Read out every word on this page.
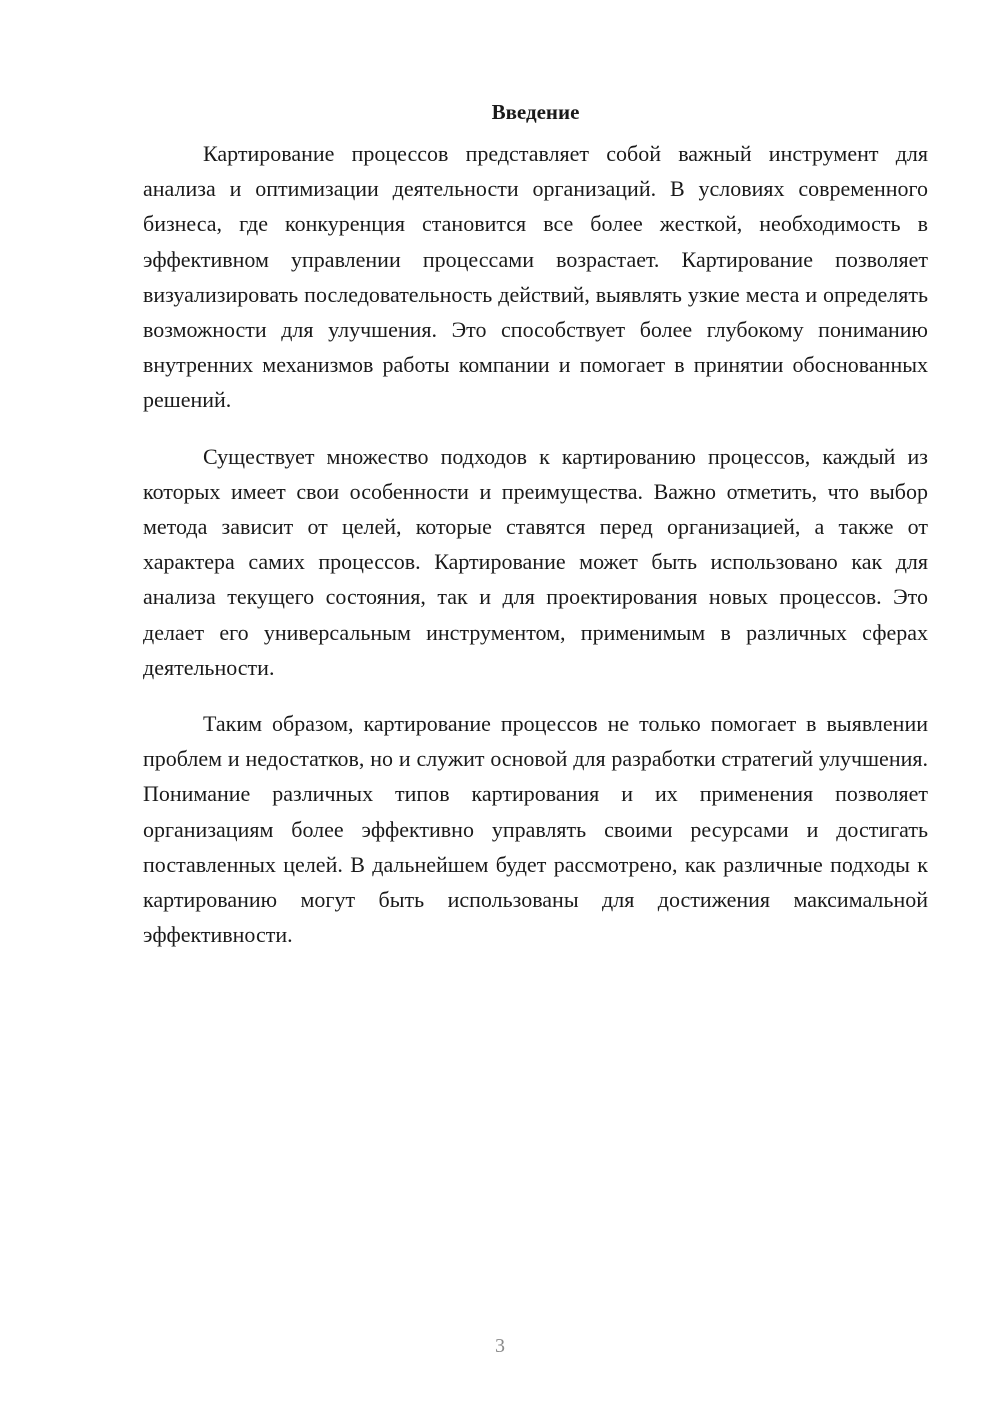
Введение

Картирование процессов представляет собой важный инструмент для анализа и оптимизации деятельности организаций. В условиях современного бизнеса, где конкуренция становится все более жесткой, необходимость в эффективном управлении процессами возрастает. Картирование позволяет визуализировать последовательность действий, выявлять узкие места и определять возможности для улучшения. Это способствует более глубокому пониманию внутренних механизмов работы компании и помогает в принятии обоснованных решений.

Существует множество подходов к картированию процессов, каждый из которых имеет свои особенности и преимущества. Важно отметить, что выбор метода зависит от целей, которые ставятся перед организацией, а также от характера самих процессов. Картирование может быть использовано как для анализа текущего состояния, так и для проектирования новых процессов. Это делает его универсальным инструментом, применимым в различных сферах деятельности.

Таким образом, картирование процессов не только помогает в выявлении проблем и недостатков, но и служит основой для разработки стратегий улучшения. Понимание различных типов картирования и их применения позволяет организациям более эффективно управлять своими ресурсами и достигать поставленных целей. В дальнейшем будет рассмотрено, как различные подходы к картированию могут быть использованы для достижения максимальной эффективности.

3
